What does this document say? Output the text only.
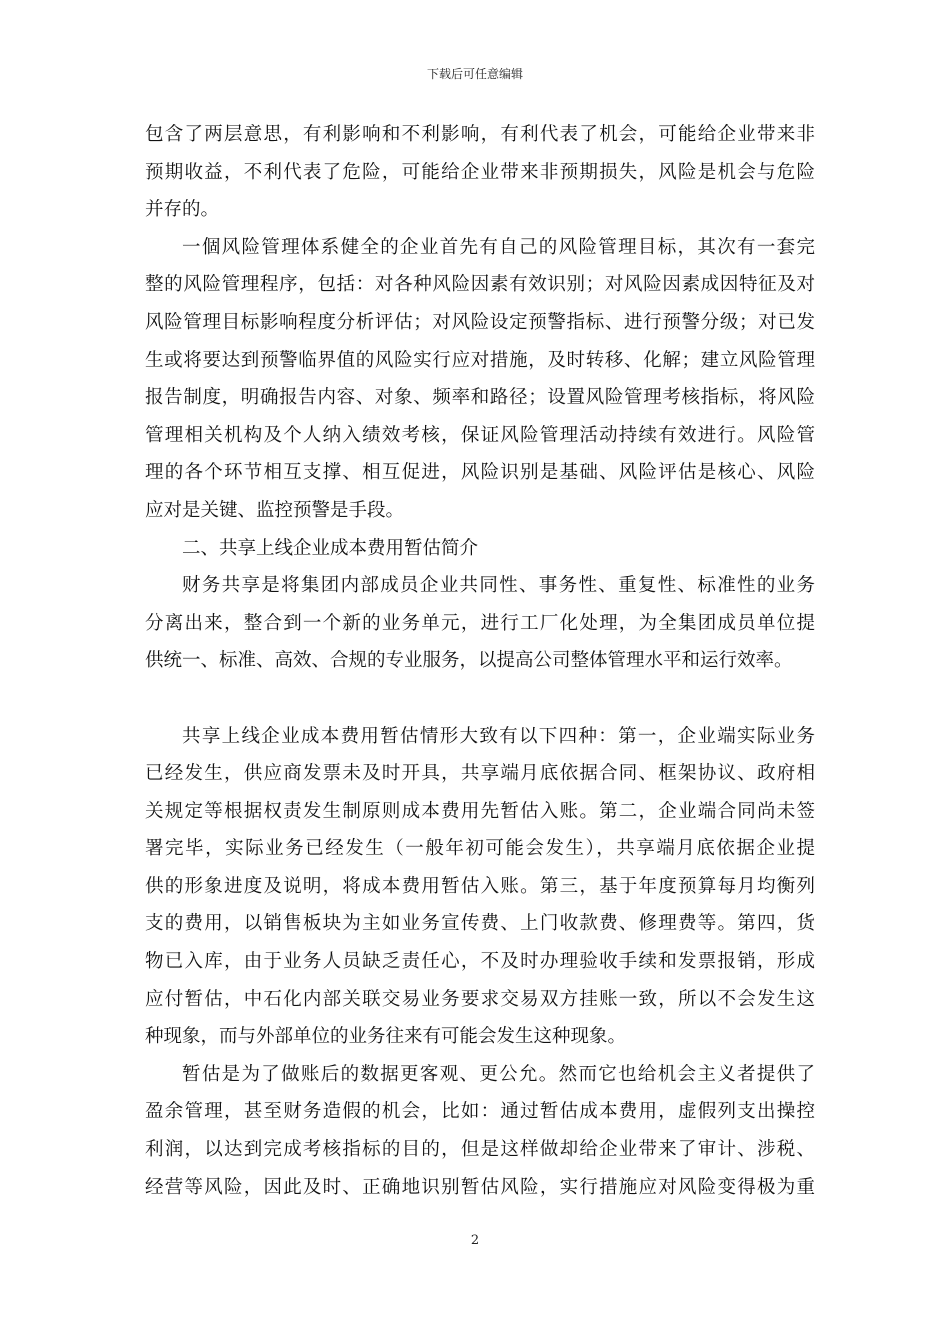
下载后可任意编辑
包含了两层意思，有利影响和不利影响，有利代表了机会，可能给企业带来非
预期收益，不利代表了危险，可能给企业带来非预期损失，风险是机会与危险
并存的。
一個风险管理体系健全的企业首先有自己的风险管理目标，其次有一套完
整的风险管理程序，包括：对各种风险因素有效识别；对风险因素成因特征及对
风险管理目标影响程度分析评估；对风险设定预警指标、进行预警分级；对已发
生或将要达到预警临界值的风险实行应对措施，及时转移、化解；建立风险管理
报告制度，明确报告内容、对象、频率和路径；设置风险管理考核指标，将风险
管理相关机构及个人纳入绩效考核，保证风险管理活动持续有效进行。风险管
理的各个环节相互支撑、相互促进，风险识别是基础、风险评估是核心、风险
应对是关键、监控预警是手段。
二、共享上线企业成本费用暂估简介
财务共享是将集团内部成员企业共同性、事务性、重复性、标准性的业务
分离出来，整合到一个新的业务单元，进行工厂化处理，为全集团成员单位提
供统一、标准、高效、合规的专业服务，以提高公司整体管理水平和运行效率。
共享上线企业成本费用暂估情形大致有以下四种：第一，企业端实际业务
已经发生，供应商发票未及时开具，共享端月底依据合同、框架协议、政府相
关规定等根据权责发生制原则成本费用先暂估入账。第二，企业端合同尚未签
署完毕，实际业务已经发生（一般年初可能会发生），共享端月底依据企业提
供的形象进度及说明，将成本费用暂估入账。第三，基于年度预算每月均衡列
支的费用，以销售板块为主如业务宣传费、上门收款费、修理费等。第四，货
物已入库，由于业务人员缺乏责任心，不及时办理验收手续和发票报销，形成
应付暂估，中石化内部关联交易业务要求交易双方挂账一致，所以不会发生这
种现象，而与外部单位的业务往来有可能会发生这种现象。
暂估是为了做账后的数据更客观、更公允。然而它也给机会主义者提供了
盈余管理，甚至财务造假的机会，比如：通过暂估成本费用，虚假列支出操控
利润，以达到完成考核指标的目的，但是这样做却给企业带来了审计、涉税、
经营等风险，因此及时、正确地识别暂估风险，实行措施应对风险变得极为重
2
